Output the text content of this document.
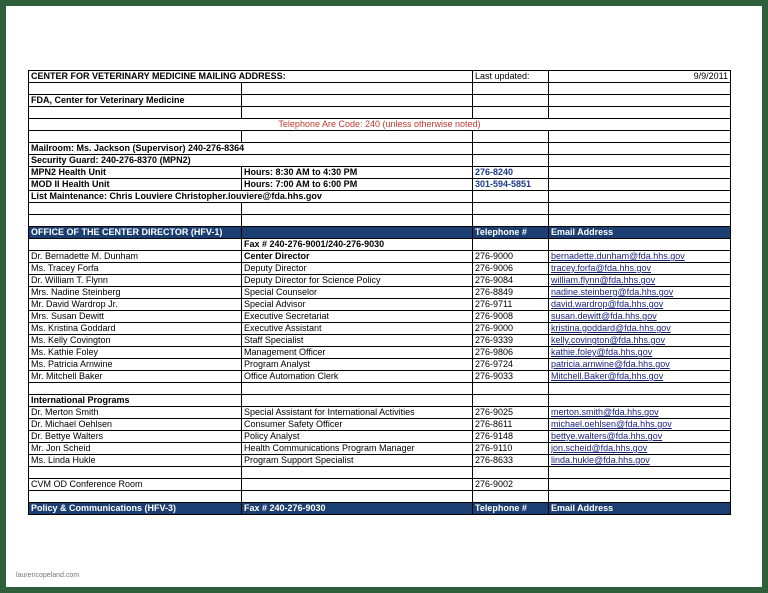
CENTER FOR VETERINARY MEDICINE MAILING ADDRESS:		Last updated:	9/9/2011

FDA, Center for Veterinary Medicine			

Telephone Are Code: 240 (unless otherwise noted)			

Mailroom: Ms. Jackson (Supervisor) 240-276-8364			
Security Guard: 240-276-8370 (MPN2)			
MPN2 Health Unit	Hours: 8:30 AM to 4:30 PM	276-8240	
MOD II Health Unit	Hours: 7:00 AM to 6:00 PM	301-594-5851	
List Maintenance: Chris Louviere Christopher.louviere@fda.hhs.gov			

OFFICE OF THE CENTER DIRECTOR (HFV-1)		Telephone #	Email Address
	Fax # 240-276-9001/240-276-9030		
Dr. Bernadette M. Dunham	Center Director	276-9000	bernadette.dunham@fda.hhs.gov
Ms. Tracey Forfa	Deputy Director	276-9006	tracey.forfa@fda.hhs.gov
Dr. William T. Flynn	Deputy Director for Science Policy	276-9084	william.flynn@fda.hhs.gov
Mrs. Nadine Steinberg	Special Counselor	276-8849	nadine.steinberg@fda.hhs.gov
Mr. David Wardrop Jr.	Special Advisor	276-9711	david.wardrop@fda.hhs.gov
Mrs. Susan Dewitt	Executive Secretariat	276-9008	susan.dewitt@fda.hhs.gov
Ms. Kristina Goddard	Executive Assistant	276-9000	kristina.goddard@fda.hhs.gov
Ms. Kelly Covington	Staff Specialist	276-9339	kelly.covington@fda.hhs.gov
Ms. Kathie Foley	Management Officer	276-9806	kathie.foley@fda.hhs.gov
Ms. Patricia Arnwine	Program Analyst	276-9724	patricia.arnwine@fda.hhs.gov
Mr. Mitchell Baker	Office Automation Clerk	276-9033	Mitchell.Baker@fda.hhs.gov

International Programs			
Dr. Merton Smith	Special Assistant for International Activities	276-9025	merton.smith@fda.hhs.gov
Dr. Michael Oehlsen	Consumer Safety Officer	276-8611	michael.oehlsen@fda.hhs.gov
Dr. Bettye Walters	Policy Analyst	276-9148	bettye.walters@fda.hhs.gov
Mr. Jon Scheid	Health Communications Program Manager	276-9110	jon.scheid@fda.hhs.gov
Ms. Linda Hukle	Program Support Specialist	276-8633	linda.hukle@fda.hhs.gov

CVM OD Conference Room		276-9002	

Policy & Communications (HFV-3)	Fax # 240-276-9030	Telephone #	Email Address
laurencopeland.com
